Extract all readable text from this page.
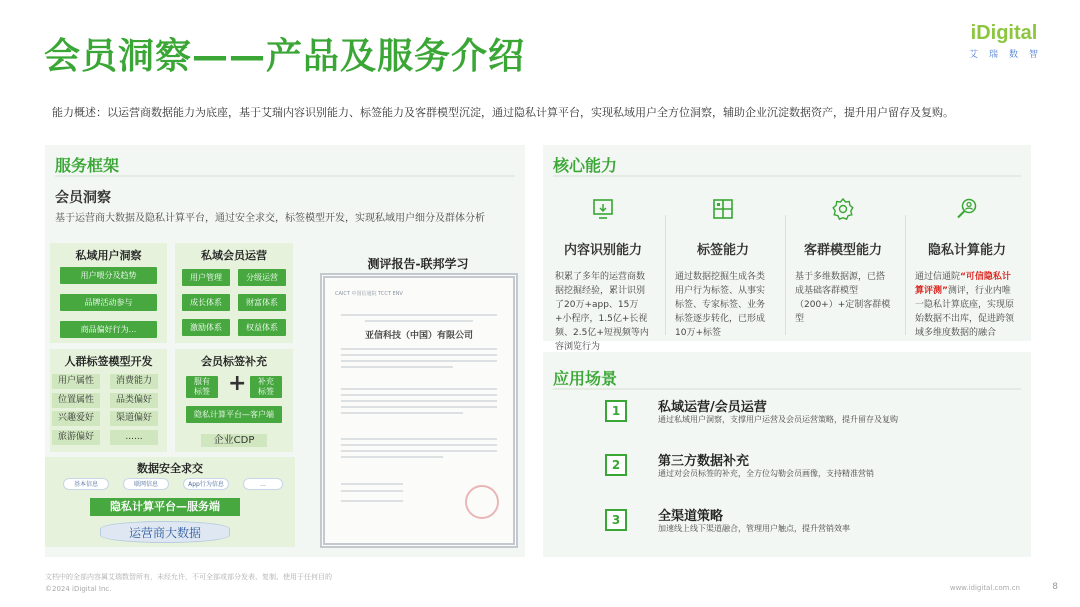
会员洞察——产品及服务介绍
iDigital
艾瑞数智
能力概述：以运营商数据能力为底座，基于艾瑞内容识别能力、标签能力及客群模型沉淀，通过隐私计算平台，实现私域用户全方位洞察，辅助企业沉淀数据资产，提升用户留存及复购。
服务框架
会员洞察
基于运营商大数据及隐私计算平台，通过安全求交，标签模型开发，实现私域用户细分及群体分析
私域用户洞察
用户喂分及趋势
品牌活动参与
商品偏好行为...
私域会员运营
用户管理	分级运营
成长体系	财富体系
激励体系	权益体系
人群标签模型开发
用户属性	消费能力
位置属性	品类偏好
兴趣爱好	渠道偏好
旅游偏好	......
会员标签补充
服有
标签 +	补充
标签
隐私计算平台—客户端
企业CDP
数据安全求交
基本信息	联网信息	App行为信息	...
隐私计算平台—服务端
运营商大数据
测评报告-联邦学习
CAICT 中国信通院 TCCT ENV
亚信科技（中国）有限公司
核心能力
内容识别能力
积累了多年的运营商数据挖掘经验，累计识别了20万+app、15万+小程序，1.5亿+长视频、2.5亿+短视频等内容浏览行为
标签能力
通过数据挖掘生成各类用户行为标签、从事实标签、专家标签、业务标签逐步转化，已形成10万+标签
客群模型能力
基于多维数据源，已搭成基础客群模型（200+）+定制客群模型
隐私计算能力
通过信通院“可信隐私计算评测”测评，行业内唯一隐私计算底座，实现原始数据不出库，促进跨领域多维度数据的融合
应用场景
1	私域运营/会员运营
通过私域用户洞察，支撑用户运营及会员运营策略，提升留存及复购
2	第三方数据补充
通过对会员标签的补充，全方位勾勒会员画像，支持精准营销
3	全渠道策略
加速线上线下渠道融合，管理用户触点，提升营销效率
文档中的全部内容属艾瑞数智所有，未经允许，不可全部或部分发表、复制、使用于任何目的
©2024 iDigital Inc.	www.idigital.com.cn	8
